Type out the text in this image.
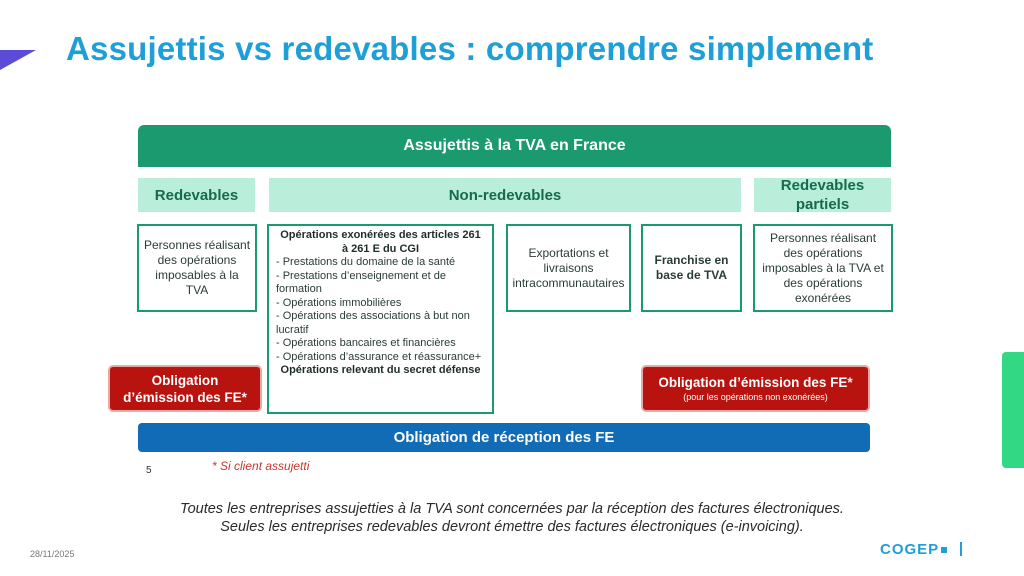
Assujettis vs redevables : comprendre simplement
Assujettis à la TVA en France
Redevables	Non-redevables
Redevables partiels
Personnes réalisant des opérations imposables à la TVA
Opérations exonérées des articles 261 à 261 E du CGI
- Prestations du domaine de la santé
- Prestations d’enseignement et de formation
- Opérations immobilières
- Opérations des associations à but non lucratif
- Opérations bancaires et financières
- Opérations d’assurance et réassurance+
Opérations relevant du secret défense
Exportations et livraisons intracommunautaires
Franchise en base de TVA
Personnes réalisant des opérations imposables à la TVA et des opérations exonérées
Obligation d’émission des FE*
Obligation d’émission des FE*
(pour les opérations non exonérées)
Obligation de réception des FE
5	* Si client assujetti
Toutes les entreprises assujetties à la TVA sont concernées par la réception des factures électroniques.
Seules les entreprises redevables devront émettre des factures électroniques (e-invoicing).
28/11/2025	COGEP
